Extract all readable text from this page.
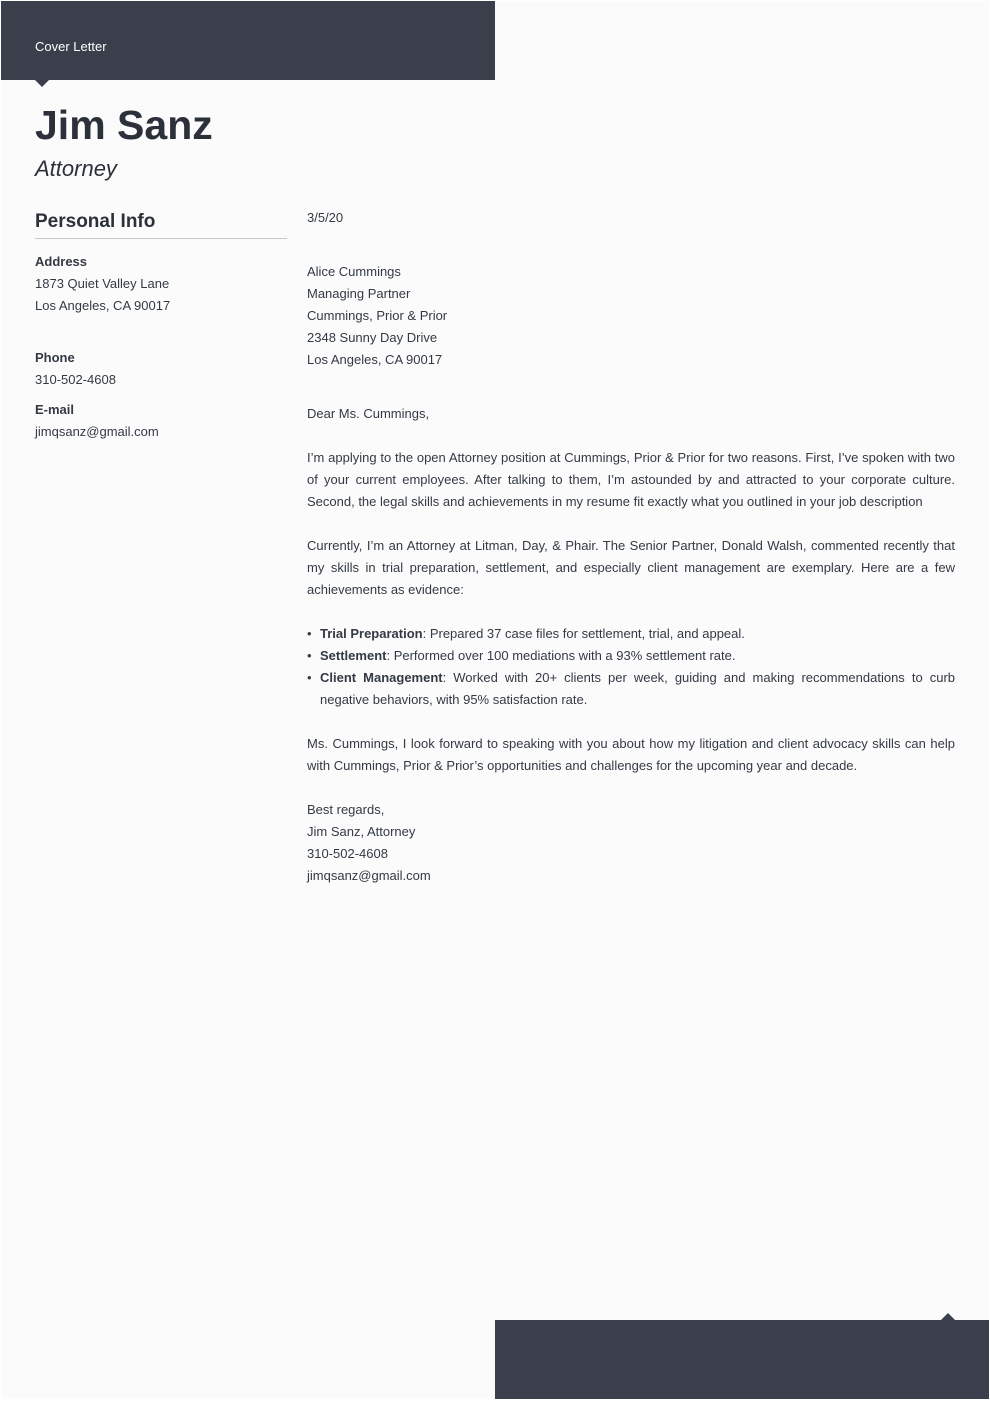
Cover Letter
Jim Sanz
Attorney
Personal Info
Address
1873 Quiet Valley Lane
Los Angeles, CA 90017
Phone
310-502-4608
E-mail
jimqsanz@gmail.com

3/5/20

Alice Cummings

Managing Partner

Cummings, Prior & Prior

2348 Sunny Day Drive

Los Angeles, CA 90017

Dear Ms. Cummings,

I’m applying to the open Attorney position at Cummings, Prior & Prior for two reasons. First, I’ve spoken with two of your current employees. After talking to them, I’m astounded by and attracted to your corporate culture. Second, the legal skills and achievements in my resume fit exactly what you outlined in your job description

Currently, I’m an Attorney at Litman, Day, & Phair. The Senior Partner, Donald Walsh, commented recently that my skills in trial preparation, settlement, and especially client management are exemplary. Here are a few achievements as evidence:

• Trial Preparation: Prepared 37 case files for settlement, trial, and appeal.
• Settlement: Performed over 100 mediations with a 93% settlement rate.
• Client Management: Worked with 20+ clients per week, guiding and making recommendations to curb negative behaviors, with 95% satisfaction rate.

Ms. Cummings, I look forward to speaking with you about how my litigation and client advocacy skills can help with Cummings, Prior & Prior’s opportunities and challenges for the upcoming year and decade.

Best regards,

Jim Sanz, Attorney

310-502-4608

jimqsanz@gmail.com
